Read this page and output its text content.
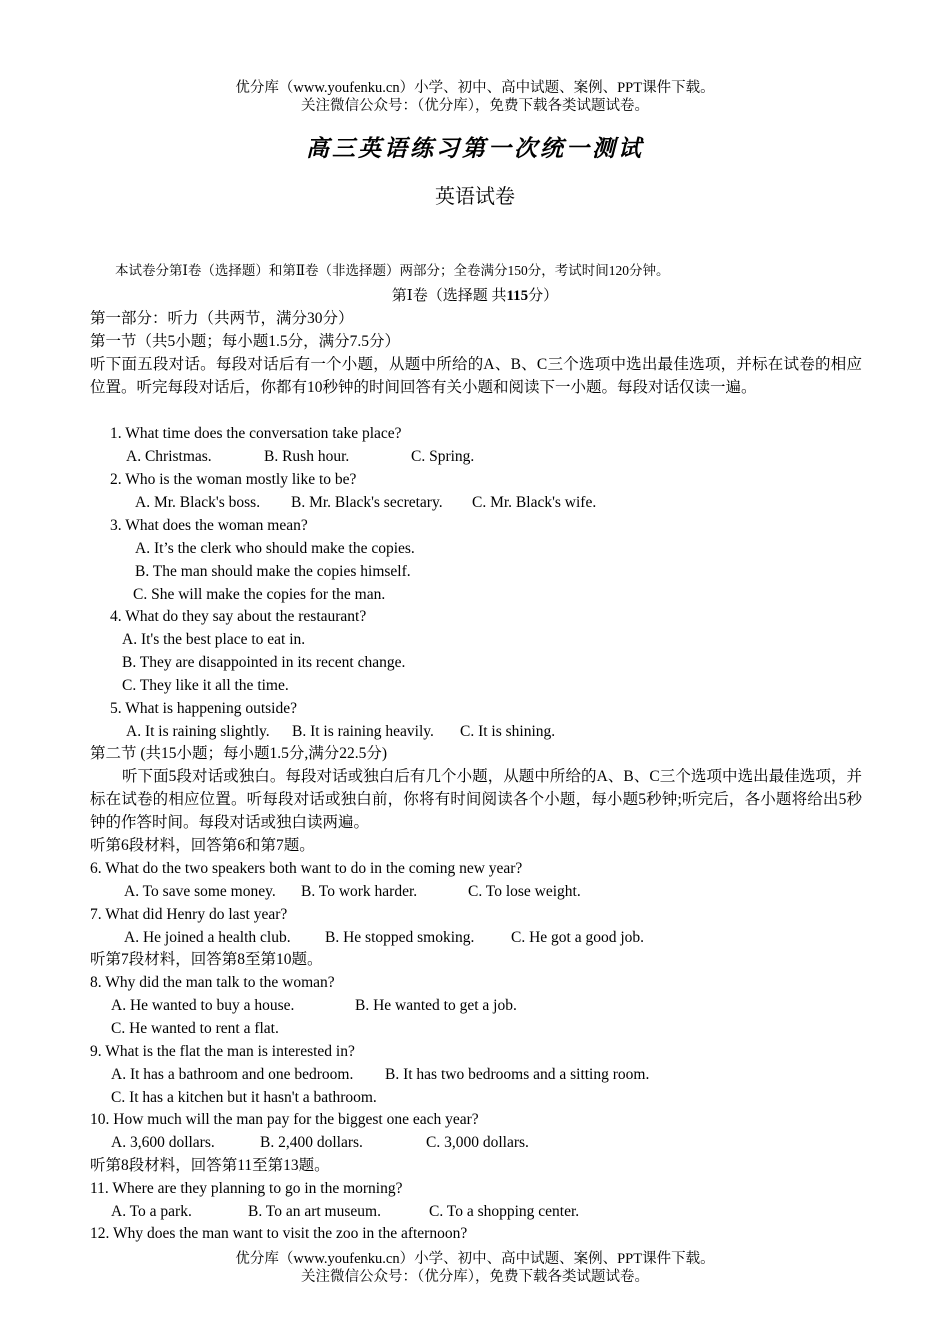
优分库（www.youfenku.cn）小学、初中、高中试题、案例、PPT课件下载。
关注微信公众号：（优分库），免费下载各类试题试卷。
高三英语练习第一次统一测试
英语试卷
本试卷分第Ⅰ卷（选择题）和第Ⅱ卷（非选择题）两部分；全卷满分150分，考试时间120分钟。
第Ⅰ卷（选择题 共115分）
第一部分：听力（共两节，满分30分）
第一节（共5小题；每小题1.5分，满分7.5分）
听下面五段对话。每段对话后有一个小题，从题中所给的A、B、C三个选项中选出最佳选项，并标在试卷的相应位置。听完每段对话后，你都有10秒钟的时间回答有关小题和阅读下一小题。每段对话仅读一遍。
1. What time does the conversation take place?
A. Christmas.	B. Rush hour.	C. Spring.
2. Who is the woman mostly like to be?
A. Mr. Black's boss. B. Mr. Black's secretary. C. Mr. Black's wife.
3. What does the woman mean?
A. It’s the clerk who should make the copies.
B. The man should make the copies himself.
C. She will make the copies for the man.
4. What do they say about the restaurant?
A. It's the best place to eat in.
B. They are disappointed in its recent change.
C. They like it all the time.
5. What is happening outside?
A. It is raining slightly. B. It is raining heavily. C. It is shining.
第二节 (共15小题；每小题1.5分,满分22.5分)
听下面5段对话或独白。每段对话或独白后有几个小题，从题中所给的A、B、C三个选项中选出最佳选项，并标在试卷的相应位置。听每段对话或独白前，你将有时间阅读各个小题，每小题5秒钟;听完后，各小题将给出5秒钟的作答时间。每段对话或独白读两遍。
听第6段材料，回答第6和第7题。
6. What do the two speakers both want to do in the coming new year?
A. To save some money. B. To work harder.	C. To lose weight.
7. What did Henry do last year?
A. He joined a health club. B. He stopped smoking. C. He got a good job.
听第7段材料，回答第8至第10题。
8. Why did the man talk to the woman?
A. He wanted to buy a house.	B. He wanted to get a job.
C. He wanted to rent a flat.
9. What is the flat the man is interested in?
A. It has a bathroom and one bedroom. B. It has two bedrooms and a sitting room.
C. It has a kitchen but it hasn't a bathroom.
10. How much will the man pay for the biggest one each year?
A. 3,600 dollars.	B. 2,400 dollars.	C. 3,000 dollars.
听第8段材料，回答第11至第13题。
11. Where are they planning to go in the morning?
A. To a park.	B. To an art museum.	C. To a shopping center.
12. Why does the man want to visit the zoo in the afternoon?
优分库（www.youfenku.cn）小学、初中、高中试题、案例、PPT课件下载。
关注微信公众号：（优分库），免费下载各类试题试卷。
